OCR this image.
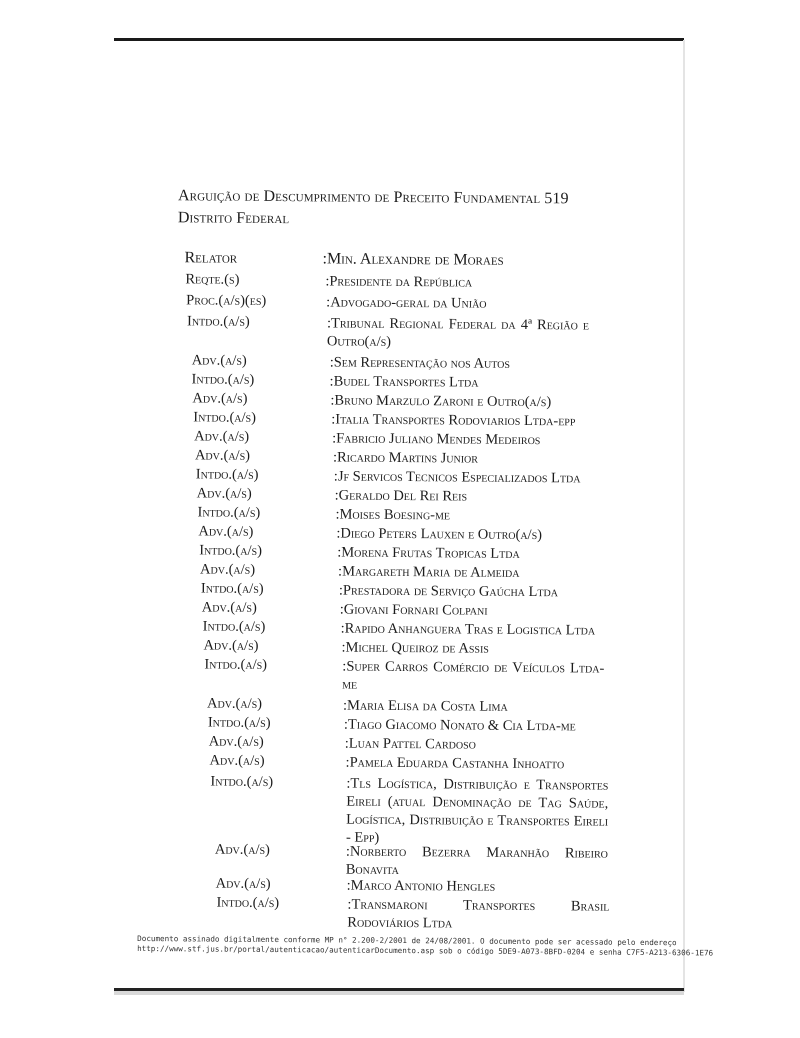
Arguição de Descumprimento de Preceito Fundamental 519
Distrito Federal
Relator	:Min. Alexandre de Moraes
Reqte.(s)	:Presidente da República
Proc.(a/s)(es)	:Advogado-geral da União
Intdo.(a/s)	:Tribunal Regional Federal da 4ª Região e Outro(a/s)
Adv.(a/s)	:Sem Representação nos Autos
Intdo.(a/s)	:Budel Transportes Ltda
Adv.(a/s)	:Bruno Marzulo Zaroni e Outro(a/s)
Intdo.(a/s)	:Italia Transportes Rodoviarios Ltda-epp
Adv.(a/s)	:Fabricio Juliano Mendes Medeiros
Adv.(a/s)	:Ricardo Martins Junior
Intdo.(a/s)	:Jf Servicos Tecnicos Especializados Ltda
Adv.(a/s)	:Geraldo Del Rei Reis
Intdo.(a/s)	:Moises Boesing-me
Adv.(a/s)	:Diego Peters Lauxen e Outro(a/s)
Intdo.(a/s)	:Morena Frutas Tropicas Ltda
Adv.(a/s)	:Margareth Maria de Almeida
Intdo.(a/s)	:Prestadora de Serviço Gaúcha Ltda
Adv.(a/s)	:Giovani Fornari Colpani
Intdo.(a/s)	:Rapido Anhanguera Tras e Logistica Ltda
Adv.(a/s)	:Michel Queiroz de Assis
Intdo.(a/s)	:Super Carros Comércio de Veículos Ltda-me
Adv.(a/s)	:Maria Elisa da Costa Lima
Intdo.(a/s)	:Tiago Giacomo Nonato & Cia Ltda-me
Adv.(a/s)	:Luan Pattel Cardoso
Adv.(a/s)	:Pamela Eduarda Castanha Inhoatto
Intdo.(a/s)	:Tls Logística, Distribuição e Transportes Eireli (atual Denominação de Tag Saúde, Logística, Distribuição e Transportes Eireli - Epp)
Adv.(a/s)	:Norberto Bezerra Maranhão Ribeiro Bonavita
Adv.(a/s)	:Marco Antonio Hengles
Intdo.(a/s)	:Transmaroni Transportes Brasil Rodoviários Ltda
Documento assinado digitalmente conforme MP n° 2.200-2/2001 de 24/08/2001. O documento pode ser acessado pelo endereço
http://www.stf.jus.br/portal/autenticacao/autenticarDocumento.asp sob o código 5DE9-A073-8BFD-0204 e senha C7F5-A213-6306-1E76
